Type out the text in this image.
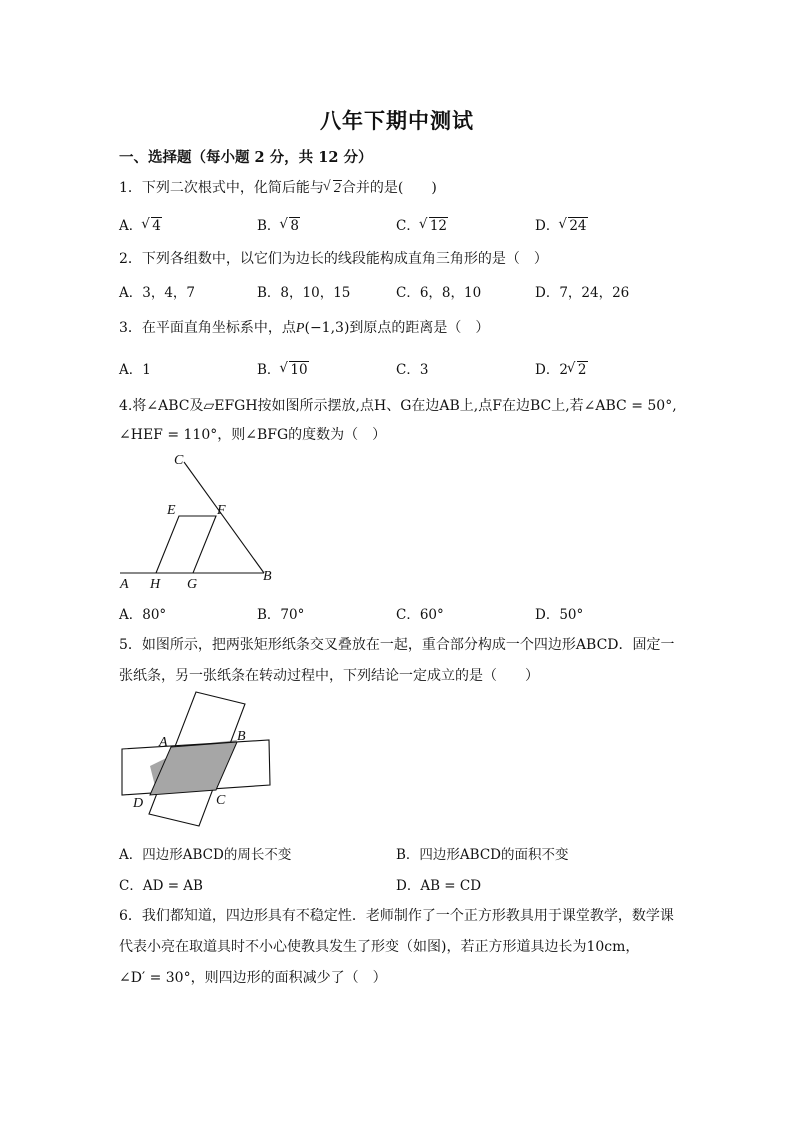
八年下期中测试
一、选择题（每小题 2 分，共 12 分）
1．下列二次根式中，化简后能与 √ 2合并的是(　　)
A． √ 4	B． √ 8	C． √ 12	D． √ 24
2．下列各组数中，以它们为边长的线段能构成直角三角形的是（　）
A．3，4，7	B．8，10，15	C．6，8，10	D．7，24，26
3．在平面直角坐标系中，点P(−1,3)到原点的距离是（　）
A．1	B． √ 10	C．3	D．2 √ 2
4.将∠ABC及▱EFGH按如图所示摆放,点H、G在边AB上,点F在边BC上,若∠ABC = 50°,
∠HEF = 110°，则∠BFG的度数为（　）
C
E	F
A H G
B
A．80°	B．70°	C．60°	D．50°
5．如图所示，把两张矩形纸条交叉叠放在一起，重合部分构成一个四边形ABCD．固定一
张纸条，另一张纸条在转动过程中，下列结论一定成立的是（　　）
A	B
C
D
A．四边形ABCD的周长不变	B．四边形ABCD的面积不变
C．AD = AB	D．AB = CD
6．我们都知道，四边形具有不稳定性．老师制作了一个正方形教具用于课堂教学，数学课
代表小亮在取道具时不小心使教具发生了形变（如图)，若正方形道具边长为10cm，
∠D′ = 30°，则四边形的面积减少了（　）
